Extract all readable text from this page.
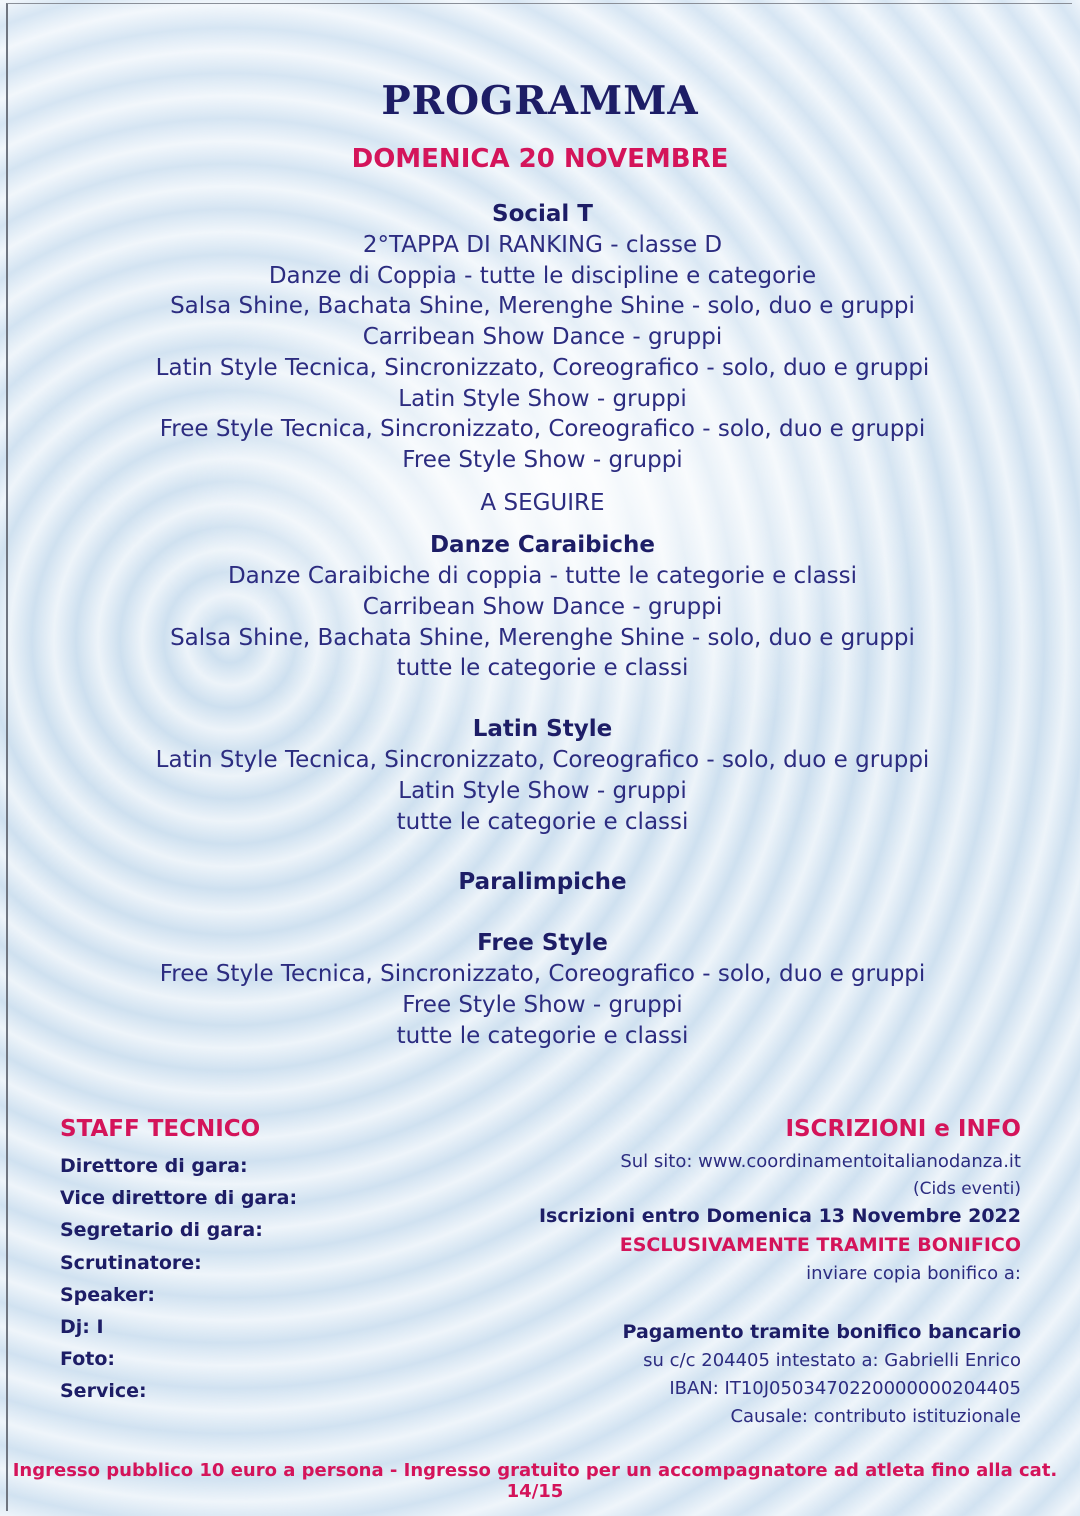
PROGRAMMA
DOMENICA 20 NOVEMBRE
Social T
2°TAPPA DI RANKING - classe D
Danze di Coppia - tutte le discipline e categorie
Salsa Shine, Bachata Shine, Merenghe Shine - solo, duo e gruppi
Carribean Show Dance - gruppi
Latin Style Tecnica, Sincronizzato, Coreografico - solo, duo e gruppi
Latin Style Show - gruppi
Free Style Tecnica, Sincronizzato, Coreografico - solo, duo e gruppi
Free Style Show - gruppi
A SEGUIRE
Danze Caraibiche
Danze Caraibiche di coppia - tutte le categorie e classi
Carribean Show Dance - gruppi
Salsa Shine, Bachata Shine, Merenghe Shine - solo, duo e gruppi
tutte le categorie e classi
Latin Style
Latin Style Tecnica, Sincronizzato, Coreografico - solo, duo e gruppi
Latin Style Show - gruppi
tutte le categorie e classi
Paralimpiche
Free Style
Free Style Tecnica, Sincronizzato, Coreografico - solo, duo e gruppi
Free Style Show - gruppi
tutte le categorie e classi
STAFF TECNICO
Direttore di gara:
Vice direttore di gara:
Segretario di gara:
Scrutinatore:
Speaker:
Dj: I
Foto:
Service:
ISCRIZIONI e INFO
Sul sito: www.coordinamentoitalianodanza.it
(Cids eventi)
Iscrizioni entro Domenica 13 Novembre 2022
ESCLUSIVAMENTE TRAMITE BONIFICO
inviare copia bonifico a:
Pagamento tramite bonifico bancario
su c/c 204405 intestato a: Gabrielli Enrico
IBAN: IT10J0503470220000000204405
Causale: contributo istituzionale
Ingresso pubblico 10 euro a persona - Ingresso gratuito per un accompagnatore ad atleta fino alla cat. 14/15
